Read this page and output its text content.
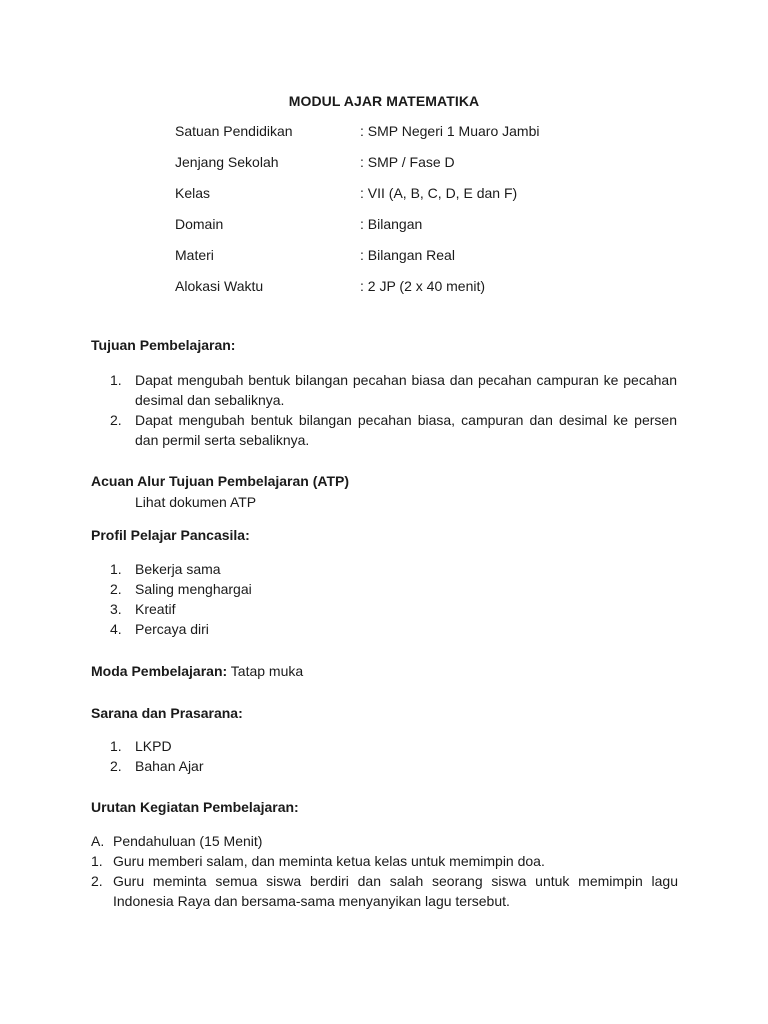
MODUL AJAR MATEMATIKA
Satuan Pendidikan	: SMP Negeri 1 Muaro Jambi
Jenjang Sekolah	: SMP / Fase D
Kelas	: VII (A, B, C, D, E dan F)
Domain	: Bilangan
Materi	: Bilangan Real
Alokasi Waktu	: 2 JP (2 x 40 menit)
Tujuan Pembelajaran:
1. Dapat mengubah bentuk bilangan pecahan biasa dan pecahan campuran ke pecahan desimal dan sebaliknya.
2. Dapat mengubah bentuk bilangan pecahan biasa, campuran dan desimal ke persen dan permil serta sebaliknya.
Acuan Alur Tujuan Pembelajaran (ATP)
Lihat dokumen ATP
Profil Pelajar Pancasila:
1. Bekerja sama
2. Saling menghargai
3. Kreatif
4. Percaya diri
Moda Pembelajaran: Tatap muka
Sarana dan Prasarana:
1. LKPD
2. Bahan Ajar
Urutan Kegiatan Pembelajaran:
A. Pendahuluan (15 Menit)
1. Guru memberi salam, dan meminta ketua kelas untuk memimpin doa.
2. Guru meminta semua siswa berdiri dan salah seorang siswa untuk memimpin lagu Indonesia Raya dan bersama-sama menyanyikan lagu tersebut.
